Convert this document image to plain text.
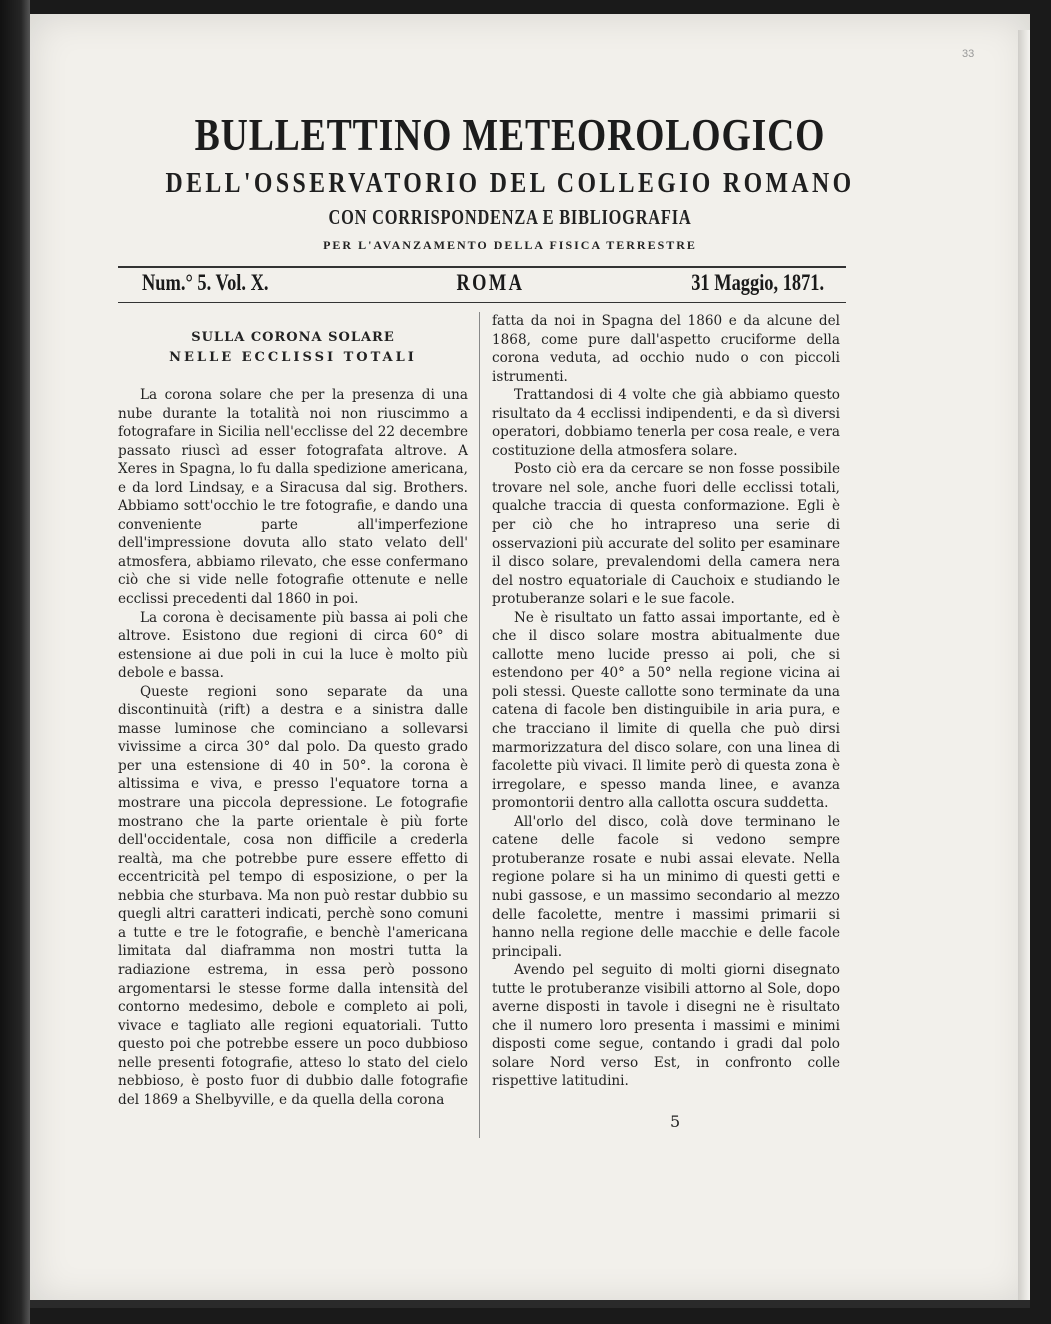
33
BULLETTINO METEOROLOGICO
DELL'OSSERVATORIO DEL COLLEGIO ROMANO
CON CORRISPONDENZA E BIBLIOGRAFIA
PER L'AVANZAMENTO DELLA FISICA TERRESTRE
Num.° 5. Vol. X.	ROMA	31 Maggio, 1871.
SULLA CORONA SOLARE
NELLE ECCLISSI TOTALI

La corona solare che per la presenza di una nube durante la totalità noi non riuscimmo a fotografare in Sicilia nell'ecclisse del 22 decembre passato riuscì ad esser fotografata altrove. A Xeres in Spagna, lo fu dalla spedizione americana, e da lord Lindsay, e a Siracusa dal sig. Brothers. Abbiamo sott'occhio le tre fotografie, e dando una conveniente parte all'imperfezione dell'impressione dovuta allo stato velato dell' atmosfera, abbiamo rilevato, che esse confermano ciò che si vide nelle fotografie ottenute e nelle ecclissi precedenti dal 1860 in poi.

La corona è decisamente più bassa ai poli che altrove. Esistono due regioni di circa 60° di estensione ai due poli in cui la luce è molto più debole e bassa.

Queste regioni sono separate da una discontinuità (rift) a destra e a sinistra dalle masse luminose che cominciano a sollevarsi vivissime a circa 30° dal polo. Da questo grado per una estensione di 40 in 50°. la corona è altissima e viva, e presso l'equatore torna a mostrare una piccola depressione. Le fotografie mostrano che la parte orientale è più forte dell'occidentale, cosa non difficile a crederla realtà, ma che potrebbe pure essere effetto di eccentricità pel tempo di esposizione, o per la nebbia che sturbava. Ma non può restar dubbio su quegli altri caratteri indicati, perchè sono comuni a tutte e tre le fotografie, e benchè l'americana limitata dal diaframma non mostri tutta la radiazione estrema, in essa però possono argomentarsi le stesse forme dalla intensità del contorno medesimo, debole e completo ai poli, vivace e tagliato alle regioni equatoriali. Tutto questo poi che potrebbe essere un poco dubbioso nelle presenti fotografie, atteso lo stato del cielo nebbioso, è posto fuor di dubbio dalle fotografie del 1869 a Shelbyville, e da quella della corona

fatta da noi in Spagna del 1860 e da alcune del 1868, come pure dall'aspetto cruciforme della corona veduta, ad occhio nudo o con piccoli istrumenti.

Trattandosi di 4 volte che già abbiamo questo risultato da 4 ecclissi indipendenti, e da sì diversi operatori, dobbiamo tenerla per cosa reale, e vera costituzione della atmosfera solare.

Posto ciò era da cercare se non fosse possibile trovare nel sole, anche fuori delle ecclissi totali, qualche traccia di questa conformazione. Egli è per ciò che ho intrapreso una serie di osservazioni più accurate del solito per esaminare il disco solare, prevalendomi della camera nera del nostro equatoriale di Cauchoix e studiando le protuberanze solari e le sue facole.

Ne è risultato un fatto assai importante, ed è che il disco solare mostra abitualmente due callotte meno lucide presso ai poli, che si estendono per 40° a 50° nella regione vicina ai poli stessi. Queste callotte sono terminate da una catena di facole ben distinguibile in aria pura, e che tracciano il limite di quella che può dirsi marmorizzatura del disco solare, con una linea di facolette più vivaci. Il limite però di questa zona è irregolare, e spesso manda linee, e avanza promontorii dentro alla callotta oscura suddetta.

All'orlo del disco, colà dove terminano le catene delle facole si vedono sempre protuberanze rosate e nubi assai elevate. Nella regione polare si ha un minimo di questi getti e nubi gassose, e un massimo secondario al mezzo delle facolette, mentre i massimi primarii si hanno nella regione delle macchie e delle facole principali.

Avendo pel seguito di molti giorni disegnato tutte le protuberanze visibili attorno al Sole, dopo averne disposti in tavole i disegni ne è risultato che il numero loro presenta i massimi e minimi disposti come segue, contando i gradi dal polo solare Nord verso Est, in confronto colle rispettive latitudini.

5
